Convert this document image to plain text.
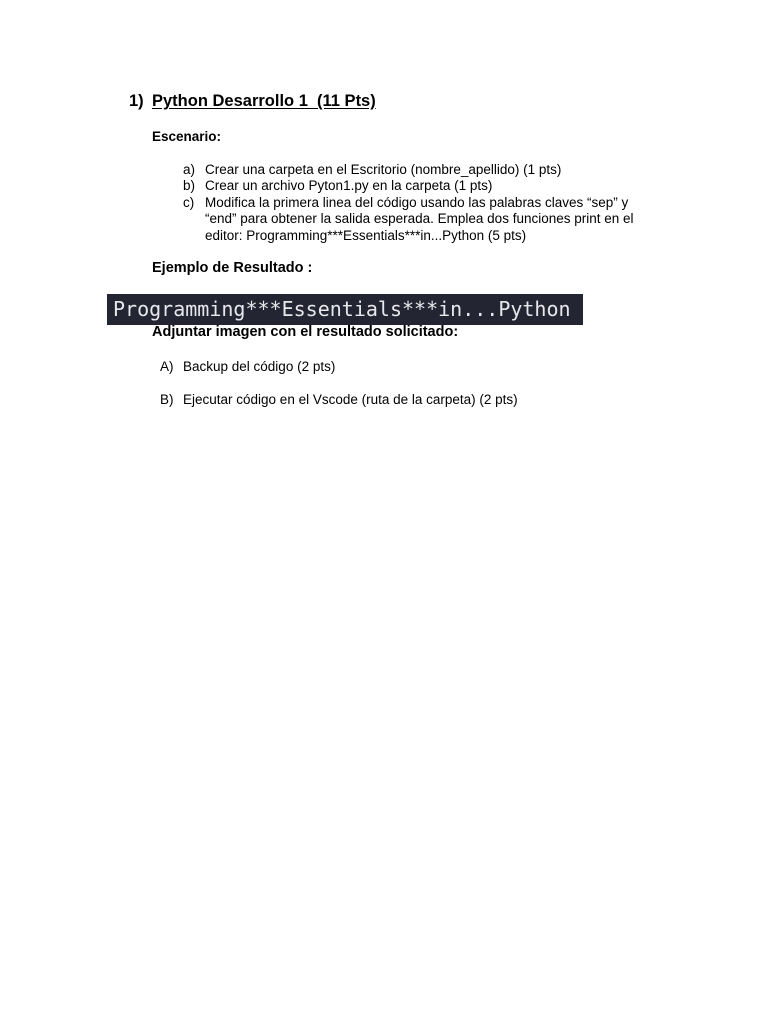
1) Python Desarrollo 1  (11 Pts)
Escenario:
a) Crear una carpeta en el Escritorio (nombre_apellido) (1 pts)
b) Crear un archivo Pyton1.py en la carpeta (1 pts)
c) Modifica la primera linea del código usando las palabras claves “sep” y “end” para obtener la salida esperada. Emplea dos funciones print en el editor: Programming***Essentials***in...Python (5 pts)
Ejemplo de Resultado :
Programming***Essentials***in...Python
Adjuntar imagen con el resultado solicitado:
A) Backup del código (2 pts)
B) Ejecutar código en el Vscode (ruta de la carpeta) (2 pts)
